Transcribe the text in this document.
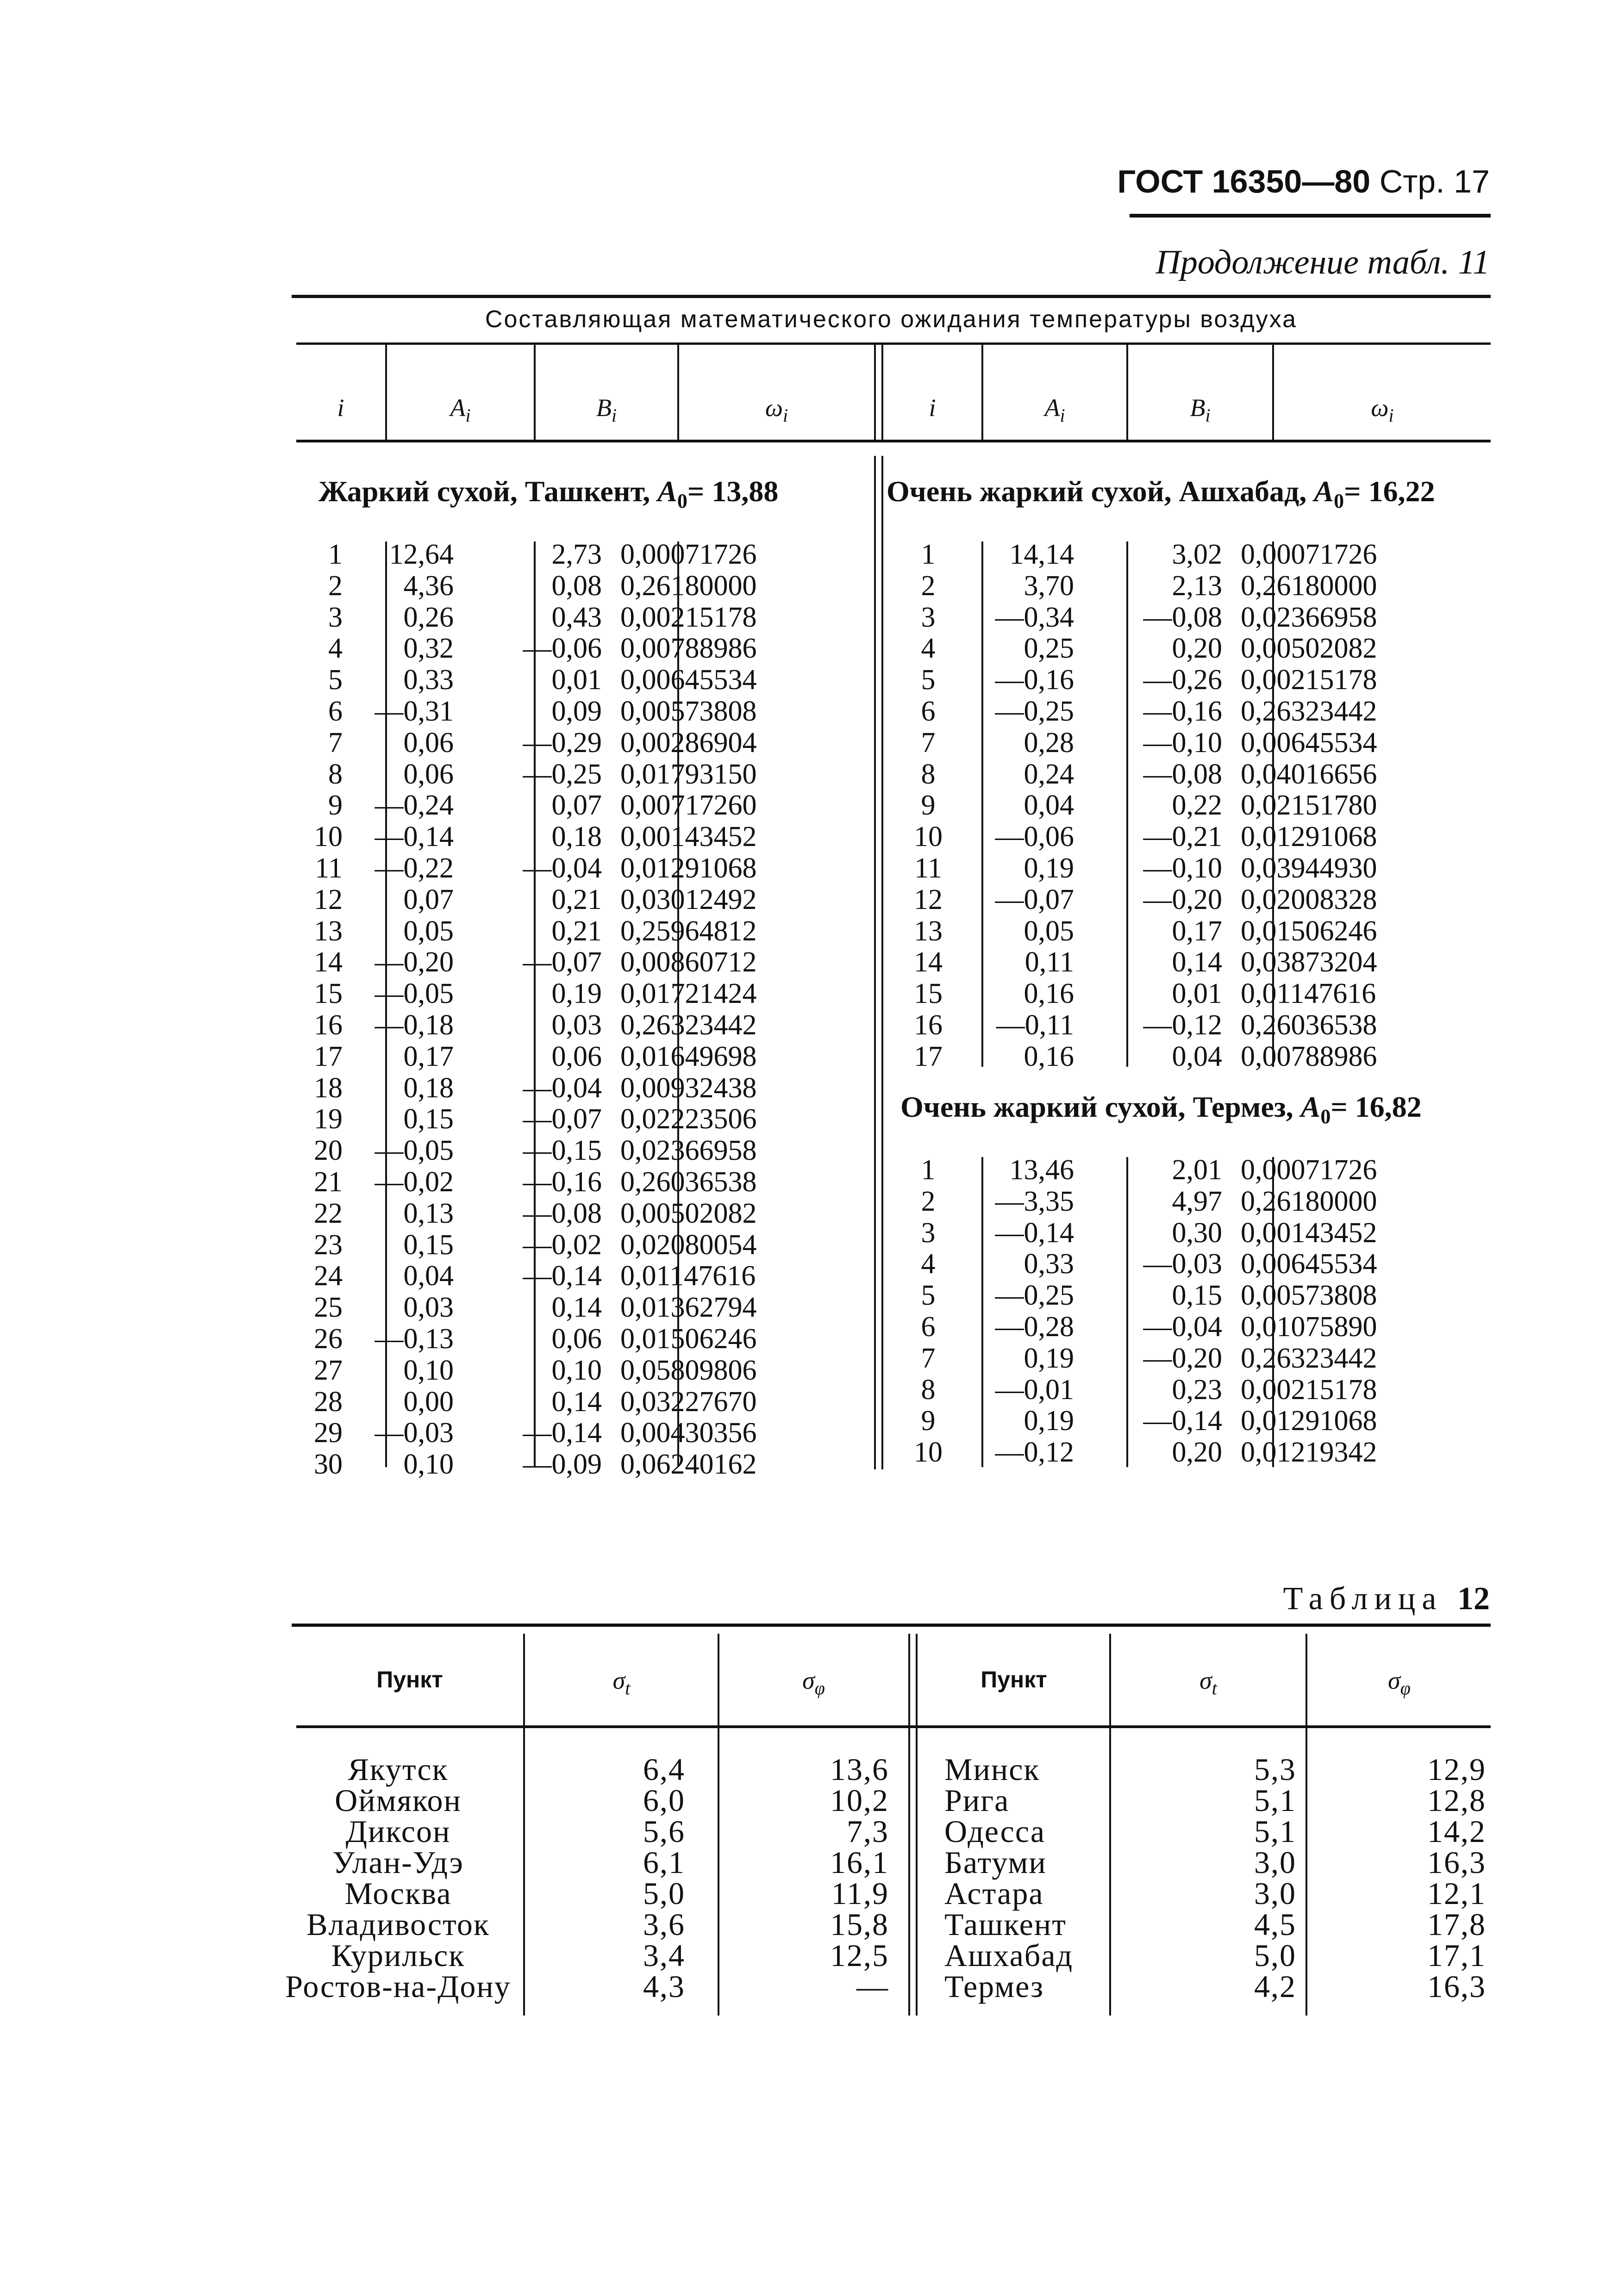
ГОСТ 16350—80 Стр. 17
Продолжение табл. 11
Составляющая математического ожидания температуры воздуха
i	$A_i$	$B_i$	$\omega_i$	i	$A_i$	$B_i$	$\omega_i$
Жаркий сухой, Ташкент, $A_0= 13,88$	Очень жаркий сухой, Ашхабад, $A_0= 16,22$
Очень жаркий сухой, Термез, $A_0= 16,82$
1	12,64	2,73 0,00071726
2	4,36	0,08 0,26180000
3	0,26	0,43 0,00215178
4	0,32	—0,06 0,00788986
5	0,33	0,01 0,00645534
6	—0,31	0,09 0,00573808
7	0,06	—0,29 0,00286904
8	0,06	—0,25 0,01793150
9	—0,24	0,07 0,00717260
10	—0,14	0,18 0,00143452
11	—0,22	—0,04 0,01291068
12	0,07	0,21 0,03012492
13	0,05	0,21 0,25964812
14	—0,20	—0,07 0,00860712
15	—0,05	0,19 0,01721424
16	—0,18	0,03 0,26323442
17	0,17	0,06 0,01649698
18	0,18	—0,04 0,00932438
19	0,15	—0,07 0,02223506
20	—0,05	—0,15 0,02366958
21	—0,02	—0,16 0,26036538
22	0,13	—0,08 0,00502082
23	0,15	—0,02 0,02080054
24	0,04	—0,14 0,01147616
25	0,03	0,14 0,01362794
26	—0,13	0,06 0,01506246
27	0,10	0,10 0,05809806
28	0,00	0,14 0,03227670
29	—0,03	—0,14 0,00430356
30	0,10	—0,09 0,06240162
1	14,14	3,02 0,00071726
2	3,70	2,13 0,26180000
3	—0,34	—0,08 0,02366958
4	0,25	0,20 0,00502082
5	—0,16	—0,26 0,00215178
6	—0,25	—0,16 0,26323442
7	0,28	—0,10 0,00645534
8	0,24	—0,08 0,04016656
9	0,04	0,22 0,02151780
10	—0,06	—0,21 0,01291068
11	0,19	—0,10 0,03944930
12	—0,07	—0,20 0,02008328
13	0,05	0,17 0,01506246
14	0,11	0,14 0,03873204
15	0,16	0,01 0,01147616
16	—0,11	—0,12 0,26036538
17	0,16	0,04 0,00788986
1	13,46	2,01 0,00071726
2	—3,35	4,97 0,26180000
3	—0,14	0,30 0,00143452
4	0,33	—0,03 0,00645534
5	—0,25	0,15 0,00573808
6	—0,28	—0,04 0,01075890
7	0,19	—0,20 0,26323442
8	—0,01	0,23 0,00215178
9	0,19	—0,14 0,01291068
10	—0,12	0,20 0,01219342
Таблица 12
Пункт	$\sigma_t$	$\sigma_\varphi$	Пункт	$\sigma_t$	$\sigma_\varphi$
Якутск	6,4	13,6
Оймякон	6,0	10,2
Диксон	5,6	7,3
Улан-Удэ	6,1	16,1
Москва	5,0	11,9
Владивосток	3,6	15,8
Курильск	3,4	12,5
Ростов-на-Дону	4,3	—
Минск	5,3	12,9
Рига	5,1	12,8
Одесса	5,1	14,2
Батуми	3,0	16,3
Астара	3,0	12,1
Ташкент	4,5	17,8
Ашхабад	5,0	17,1
Термез	4,2	16,3
